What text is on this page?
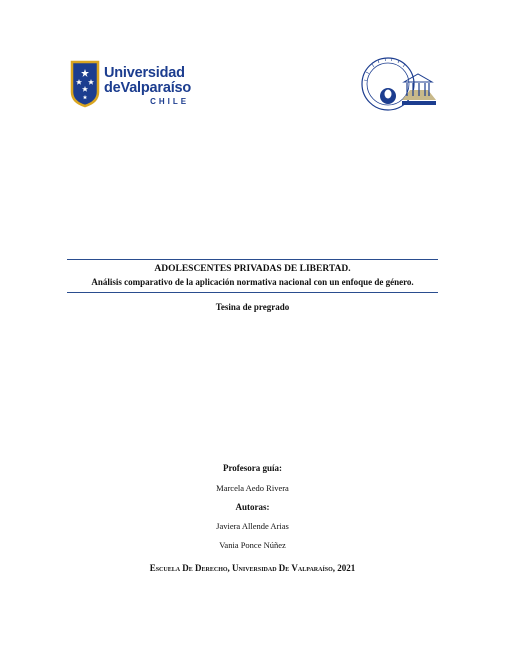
Universidad
deValparaíso
CHILE
ADOLESCENTES PRIVADAS DE LIBERTAD.
Análisis comparativo de la aplicación normativa nacional con un enfoque de género.
Tesina de pregrado
Profesora guía:
Marcela Aedo Rivera
Autoras:
Javiera Allende Arias
Vania Ponce Núñez
Escuela De Derecho, Universidad De Valparaíso, 2021
